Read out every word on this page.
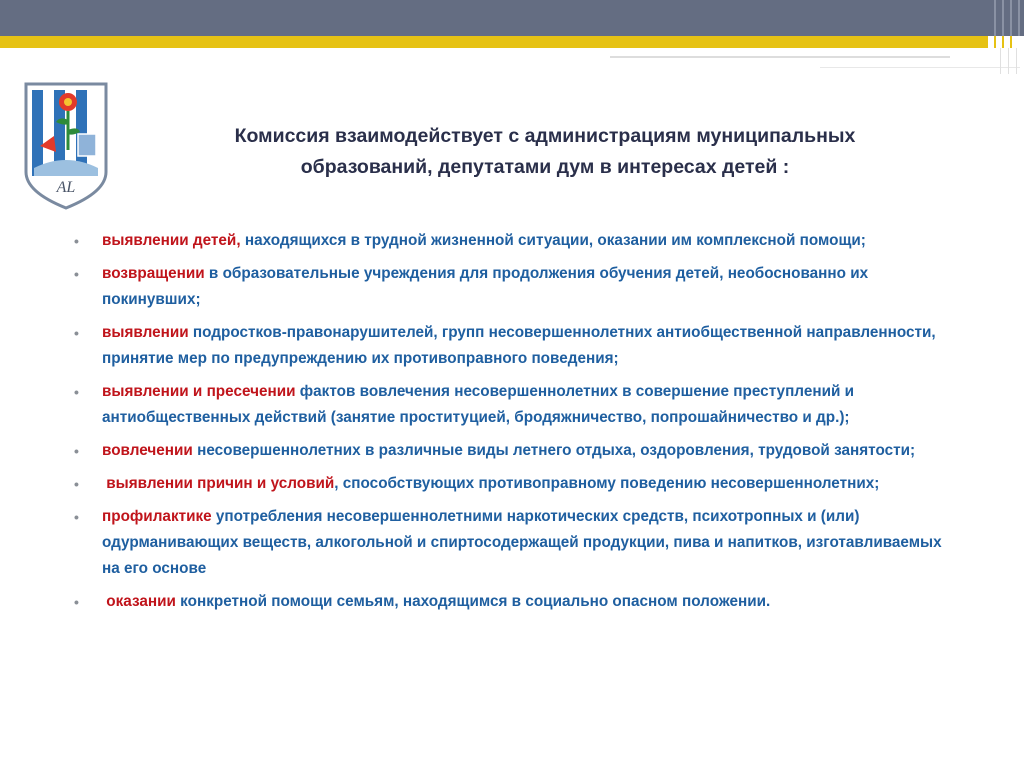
AL
Комиссия взаимодействует с администрациям муниципальных
образований, депутатами дум в интересах детей :
• выявлении детей, находящихся в трудной жизненной ситуации, оказании им комплексной помощи;
• возвращении в образовательные учреждения для продолжения обучения детей, необоснованно их покинувших;
• выявлении подростков-правонарушителей, групп несовершеннолетних антиобщественной направленности, принятие мер по предупреждению их противоправного поведения;
• выявлении и пресечении фактов вовлечения несовершеннолетних в совершение преступлений и антиобщественных действий (занятие проституцией, бродяжничество, попрошайничество и др.);
• вовлечении несовершеннолетних в различные виды летнего отдыха, оздоровления, трудовой занятости;
• выявлении причин и условий, способствующих противоправному поведению несовершеннолетних;
• профилактике употребления несовершеннолетними наркотических средств, психотропных и (или) одурманивающих веществ, алкогольной и спиртосодержащей продукции, пива и напитков, изготавливаемых на его основе
• оказании конкретной помощи семьям, находящимся в социально опасном положении.
